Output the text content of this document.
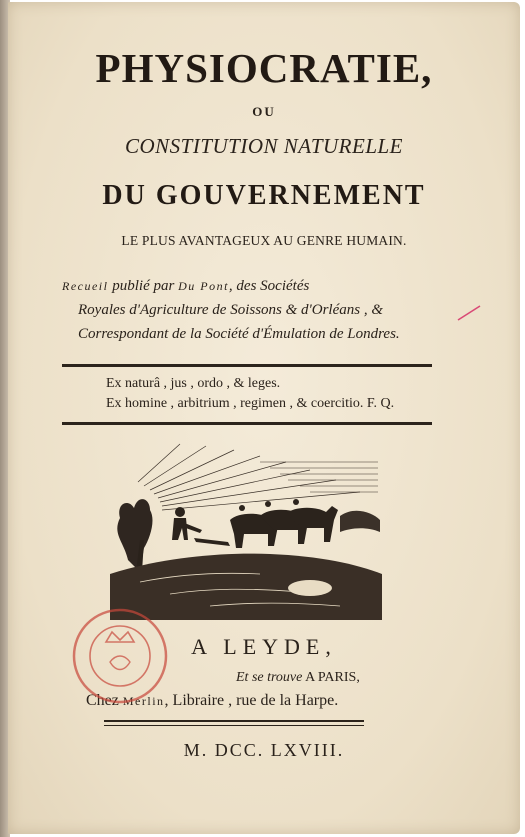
PHYSIOCRATIE,
OU
CONSTITUTION NATURELLE
DU GOUVERNEMENT
LE PLUS AVANTAGEUX AU GENRE HUMAIN.
Recueil publié par Du Pont, des Sociétés
Royales d'Agriculture de Soissons & d'Orléans , &
Correspondant de la Société d'Émulation de Londres.
Ex naturâ , jus , ordo , & leges.
Ex homine , arbitrium , regimen , & coercitio. F. Q.
A LEYDE,
Et se trouve A PARIS,
Chez Merlin, Libraire , rue de la Harpe.
M. DCC. LXVIII.
